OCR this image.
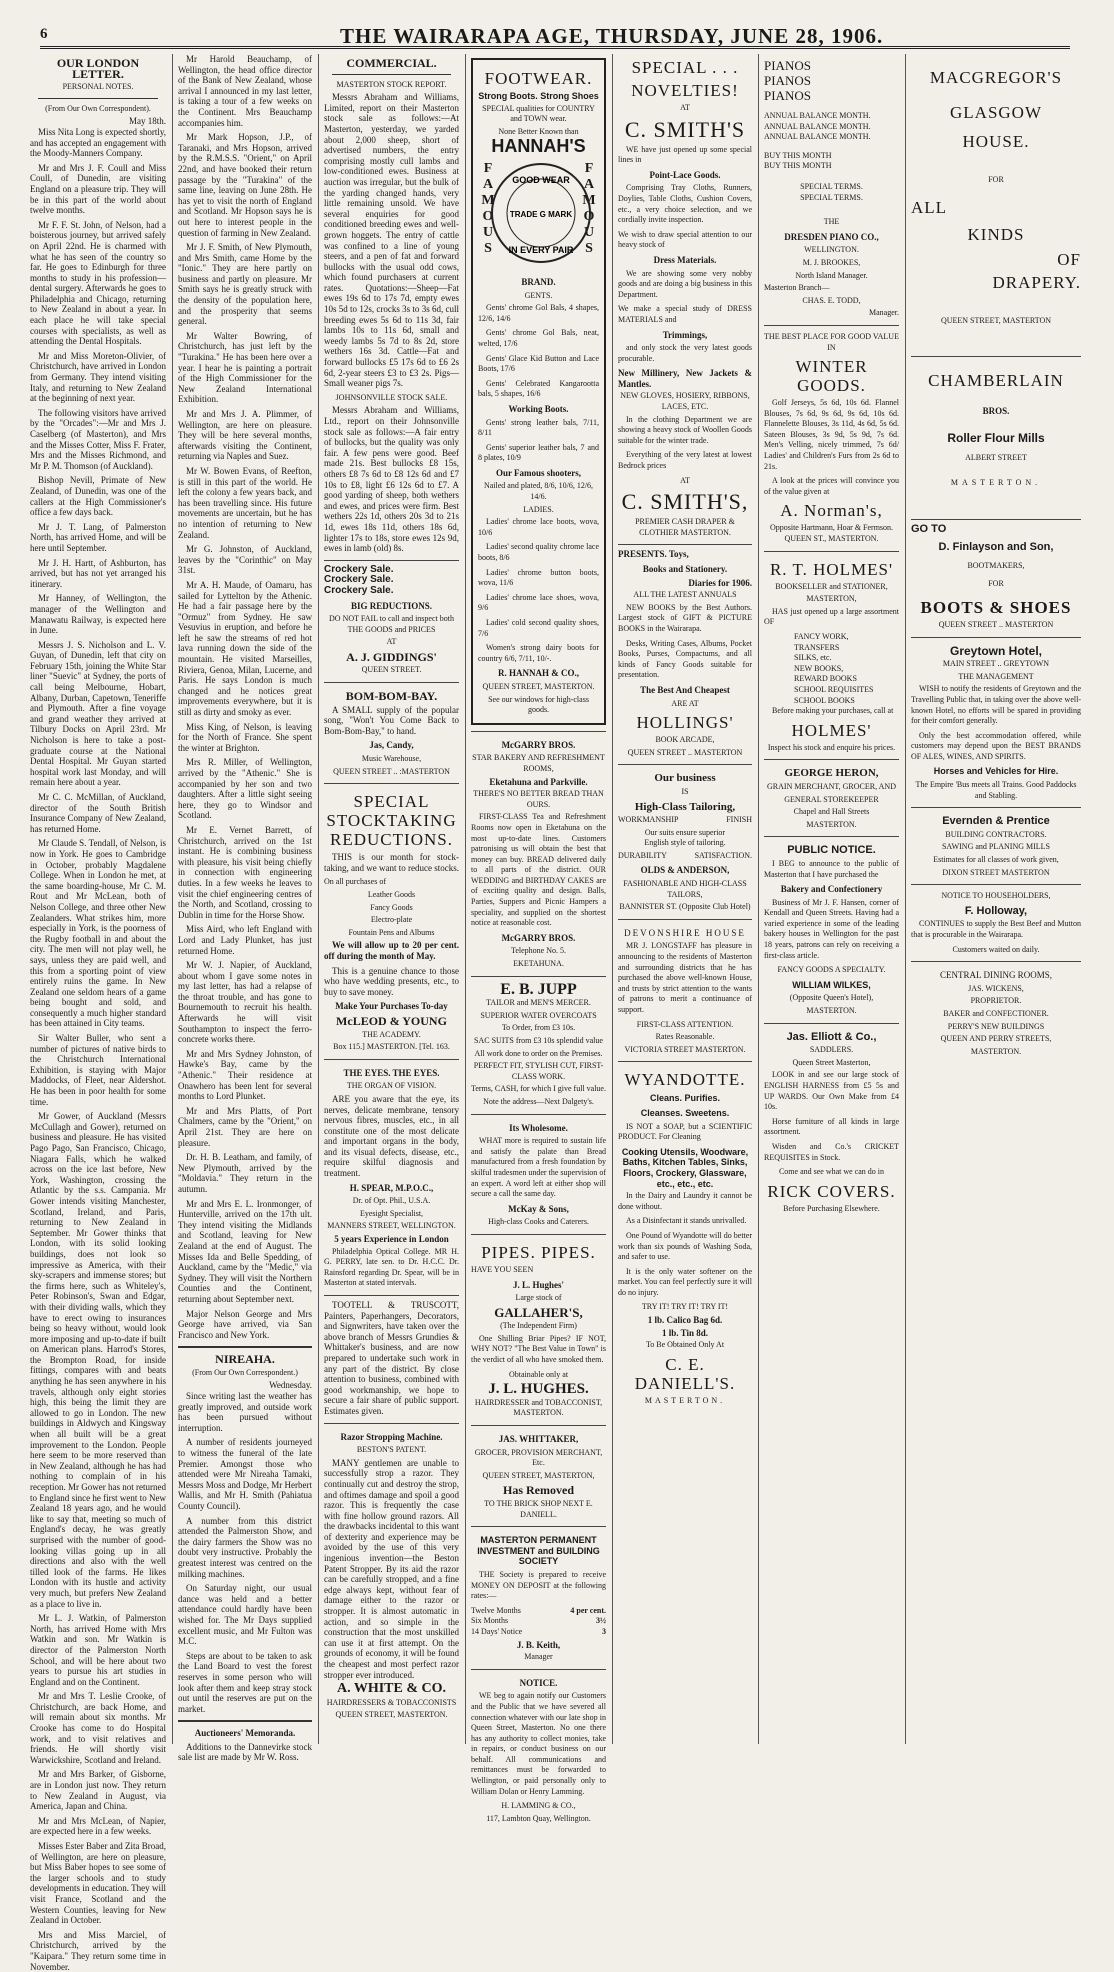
6	THE WAIRARAPA AGE, THURSDAY, JUNE 28, 1906.
OUR LONDON LETTER.
PERSONAL NOTES.
(From Our Own Correspondent).
May 18th.

Miss Nita Long is expected shortly, and has accepted an engagement with the Moody-Manners Company.

Mr and Mrs J. F. Coull and Miss Coull, of Dunedin, are visiting England on a pleasure trip. They will be in this part of the world about twelve months.

Mr F. F. St. John, of Nelson, had a boisterous journey, but arrived safely on April 22nd. He is charmed with what he has seen of the country so far. He goes to Edinburgh for three months to study in his profession—dental surgery. Afterwards he goes to Philadelphia and Chicago, returning to New Zealand in about a year. In each place he will take special courses with specialists, as well as attending the Dental Hospitals.

Mr and Miss Moreton-Olivier, of Christchurch, have arrived in London from Germany. They intend visiting Italy, and returning to New Zealand at the beginning of next year.

The following visitors have arrived by the "Orcades":—Mr and Mrs J. Caselberg (of Masterton), and Mrs and the Misses Cotter, Miss F. Frater, Mrs and the Misses Richmond, and Mr P. M. Thomson (of Auckland).

Bishop Nevill, Primate of New Zealand, of Dunedin, was one of the callers at the High Commissioner's office a few days back.

Mr J. T. Lang, of Palmerston North, has arrived Home, and will be here until September.

Mr J. H. Hartt, of Ashburton, has arrived, but has not yet arranged his itinerary.

Mr Hanney, of Wellington, the manager of the Wellington and Manawatu Railway, is expected here in June.

Messrs J. S. Nicholson and L. V. Guyan, of Dunedin, left that city on February 15th, joining the White Star liner "Suevic" at Sydney, the ports of call being Melbourne, Hobart, Albany, Durban, Capetown, Teneriffe and Plymouth. After a fine voyage and grand weather they arrived at Tilbury Docks on April 23rd. Mr Nicholson is here to take a post-graduate course at the National Dental Hospital. Mr Guyan started hospital work last Monday, and will remain here about a year.

Mr C. C. McMillan, of Auckland, director of the South British Insurance Company of New Zealand, has returned Home.

Mr Claude S. Tendall, of Nelson, is now in York. He goes to Cambridge in October, probably Magdalene College. When in London he met, at the same boarding-house, Mr C. M. Rout and Mr McLean, both of Nelson College, and three other New Zealanders. What strikes him, more especially in York, is the poorness of the Rugby football in and about the city. The men will not play well, he says, unless they are paid well, and this from a sporting point of view entirely ruins the game. In New Zealand one seldom hears of a game being bought and sold, and consequently a much higher standard has been attained in City teams.

Sir Walter Buller, who sent a number of pictures of native birds to the Christchurch International Exhibition, is staying with Major Maddocks, of Fleet, near Aldershot. He has been in poor health for some time.

Mr Gower, of Auckland (Messrs McCullagh and Gower), returned on business and pleasure. He has visited Pago Pago, San Francisco, Chicago, Niagara Falls, which he walked across on the ice last before, New York, Washington, crossing the Atlantic by the s.s. Campania. Mr Gower intends visiting Manchester, Scotland, Ireland, and Paris, returning to New Zealand in September. Mr Gower thinks that London, with its solid looking buildings, does not look so impressive as America, with their sky-scrapers and immense stores; but the firms here, such as Whiteley's, Peter Robinson's, Swan and Edgar, with their dividing walls, which they have to erect owing to insurances being so heavy without, would look more imposing and up-to-date if built on American plans. Harrod's Stores, the Brompton Road, for inside fittings, compares with and beats anything he has seen anywhere in his travels, although only eight stories high, this being the limit they are allowed to go in London. The new buildings in Aldwych and Kingsway when all built will be a great improvement to the London. People here seem to be more reserved than in New Zealand, although he has had nothing to complain of in his reception. Mr Gower has not returned to England since he first went to New Zealand 18 years ago, and he would like to say that, meeting so much of England's decay, he was greatly surprised with the number of good-looking villas going up in all directions and also with the well tilled look of the farms. He likes London with its hustle and activity very much, but prefers New Zealand as a place to live in.

Mr L. J. Watkin, of Palmerston North, has arrived Home with Mrs Watkin and son. Mr Watkin is director of the Palmerston North School, and will be here about two years to pursue his art studies in England and on the Continent.

Mr and Mrs T. Leslie Crooke, of Christchurch, are back Home, and will remain about six months. Mr Crooke has come to do Hospital work, and to visit relatives and friends. He will shortly visit Warwickshire, Scotland and Ireland.

Mr and Mrs Barker, of Gisborne, are in London just now. They return to New Zealand in August, via America, Japan and China.

Mr and Mrs McLean, of Napier, are expected here in a few weeks.

Misses Ester Baber and Zita Broad, of Wellington, are here on pleasure, but Miss Baber hopes to see some of the larger schools and to study developments in education. They will visit France, Scotland and the Western Counties, leaving for New Zealand in October.

Mrs and Miss Marciel, of Christchurch, arrived by the "Kaipara." They return some time in November.

Mr Harold Beauchamp, of Wellington, the head office director of the Bank of New Zealand, whose arrival I announced in my last letter, is taking a tour of a few weeks on the Continent. Mrs Beauchamp accompanies him.

Mr Mark Hopson, J.P., of Taranaki, and Mrs Hopson, arrived by the R.M.S.S. "Orient," on April 22nd, and have booked their return passage by the "Turakina" of the same line, leaving on June 28th. He has yet to visit the north of England and Scotland. Mr Hopson says he is out here to interest people in the question of farming in New Zealand.

Mr J. F. Smith, of New Plymouth, and Mrs Smith, came Home by the "Ionic." They are here partly on business and partly on pleasure. Mr Smith says he is greatly struck with the density of the population here, and the prosperity that seems general.

Mr Walter Bowring, of Christchurch, has just left by the "Turakina." He has been here over a year. I hear he is painting a portrait of the High Commissioner for the New Zealand International Exhibition.

Mr and Mrs J. A. Plimmer, of Wellington, are here on pleasure. They will be here several months, afterwards visiting the Continent, returning via Naples and Suez.

Mr W. Bowen Evans, of Reefton, is still in this part of the world. He left the colony a few years back, and has been travelling since. His future movements are uncertain, but he has no intention of returning to New Zealand.

Mr G. Johnston, of Auckland, leaves by the "Corinthic" on May 31st.

Mr A. H. Maude, of Oamaru, has sailed for Lyttelton by the Athenic. He had a fair passage here by the "Ormuz" from Sydney. He saw Vesuvius in eruption, and before he left he saw the streams of red hot lava running down the side of the mountain. He visited Marseilles, Riviera, Genoa, Milan, Lucerne, and Paris. He says London is much changed and he notices great improvements everywhere, but it is still as dirty and smoky as ever.

Miss King, of Nelson, is leaving for the North of France. She spent the winter at Brighton.

Mrs R. Miller, of Wellington, arrived by the "Athenic." She is accompanied by her son and two daughters. After a little sight seeing here, they go to Windsor and Scotland.

Mr E. Vernet Barrett, of Christchurch, arrived on the 1st instant. He is combining business with pleasure, his visit being chiefly in connection with engineering duties. In a few weeks he leaves to visit the chief engineering centres of the North, and Scotland, crossing to Dublin in time for the Horse Show.

Miss Aird, who left England with Lord and Lady Plunket, has just returned Home.

Mr W. J. Napier, of Auckland, about whom I gave some notes in my last letter, has had a relapse of the throat trouble, and has gone to Bournemouth to recruit his health. Afterwards he will visit Southampton to inspect the ferro-concrete works there.

Mr and Mrs Sydney Johnston, of Hawke's Bay, came by the "Athenic." Their residence at Onawhero has been lent for several months to Lord Plunket.

Mr and Mrs Platts, of Port Chalmers, came by the "Orient," on April 21st. They are here on pleasure.

Dr. H. B. Leatham, and family, of New Plymouth, arrived by the "Moldavia." They return in the autumn.

Mr and Mrs E. L. Ironmonger, of Hunterville, arrived on the 17th ult. They intend visiting the Midlands and Scotland, leaving for New Zealand at the end of August. The Misses Ida and Belle Spedding, of Auckland, came by the "Medic," via Sydney. They will visit the Northern Counties and the Continent, returning about September next.

Major Nelson George and Mrs George have arrived, via San Francisco and New York.

NIREAHA.
(From Our Own Correspondent.)
Wednesday.

Since writing last the weather has greatly improved, and outside work has been pursued without interruption.

A number of residents journeyed to witness the funeral of the late Premier. Amongst those who attended were Mr Nireaha Tamaki, Messrs Moss and Dodge, Mr Herbert Wallis, and Mr H. Smith (Pahiatua County Council).

A number from this district attended the Palmerston Show, and the dairy farmers the Show was no doubt very instructive. Probably the greatest interest was centred on the milking machines.

On Saturday night, our usual dance was held and a better attendance could hardly have been wished for. The Mr Days supplied excellent music, and Mr Fulton was M.C.

Steps are about to be taken to ask the Land Board to vest the forest reserves in some person who will look after them and keep stray stock out until the reserves are put on the market.

Auctioneers' Memoranda.

Additions to the Dannevirke stock sale list are made by Mr W. Ross.

COMMERCIAL.
MASTERTON STOCK REPORT.

Messrs Abraham and Williams, Limited, report on their Masterton stock sale as follows:—At Masterton, yesterday, we yarded about 2,000 sheep, short of advertised numbers, the entry comprising mostly cull lambs and low-conditioned ewes. Business at auction was irregular, but the bulk of the yarding changed hands, very little remaining unsold. We have several enquiries for good conditioned breeding ewes and well-grown hoggets. The entry of cattle was confined to a line of young steers, and a pen of fat and forward bullocks with the usual odd cows, which found purchasers at current rates. Quotations:—Sheep—Fat ewes 19s 6d to 17s 7d, empty ewes 10s 5d to 12s, crocks 3s to 3s 6d, cull breeding ewes 5s 6d to 11s 3d, fair lambs 10s to 11s 6d, small and weedy lambs 5s 7d to 8s 2d, store wethers 16s 3d. Cattle—Fat and forward bullocks £5 17s 6d to £6 2s 6d, 2-year steers £3 to £3 2s. Pigs—Small weaner pigs 7s.

JOHNSONVILLE STOCK SALE.

Messrs Abraham and Williams, Ltd., report on their Johnsonville stock sale as follows:—A fair entry of bullocks, but the quality was only fair. A few pens were good. Beef made 21s. Best bullocks £8 15s, others £8 7s 6d to £8 12s 6d and £7 10s to £8, light £6 12s 6d to £7. A good yarding of sheep, both wethers and ewes, and prices were firm. Best wethers 22s 1d, others 20s 3d to 21s 1d, ewes 18s 11d, others 18s 6d, lighter 17s to 18s, store ewes 12s 9d, ewes in lamb (old) 8s.

Crockery Sale.
Crockery Sale.
Crockery Sale.
BIG REDUCTIONS.
DO NOT FAIL to call and inspect both THE GOODS and PRICES
AT
A. J. GIDDINGS'
QUEEN STREET.
BOM-BOM-BAY.

A SMALL supply of the popular song, "Won't You Come Back to Bom-Bom-Bay," to hand.

Jas, Candy,
Music Warehouse,
QUEEN STREET .. :MASTERTON
SPECIAL STOCKTAKING REDUCTIONS.

THIS is our month for stock-taking, and we want to reduce stocks.

On all purchases of
Leather Goods
Fancy Goods
Electro-plate
Fountain Pens and Albums

We will allow up to 20 per cent. off during the month of May.

This is a genuine chance to those who have wedding presents, etc., to buy to save money.

Make Your Purchases To-day
McLEOD & YOUNG
THE ACADEMY.
Box 115.] MASTERTON. [Tel. 163.
THE EYES. THE EYES.
THE ORGAN OF VISION.

ARE you aware that the eye, its nerves, delicate membrane, tensory nervous fibres, muscles, etc., in all constitute one of the most delicate and important organs in the body, and its visual defects, disease, etc., require skilful diagnosis and treatment.

H. SPEAR, M.P.O.C.,
Dr. of Opt. Phil., U.S.A.
Eyesight Specialist,
MANNERS STREET, WELLINGTON.
5 years Experience in London

Philadelphia Optical College. MR H. G. PERRY, late sen. to Dr. H.C.C. Dr. Rainsford regarding Dr. Spear, will be in Masterton at stated intervals.

TOOTELL & TRUSCOTT, Painters, Paperhangers, Decorators, and Signwriters, have taken over the above branch of Messrs Grundies & Whittaker's business, and are now prepared to undertake such work in any part of the district. By close attention to business, combined with good workmanship, we hope to secure a fair share of public support. Estimates given.

Razor Stropping Machine.
BESTON'S PATENT.

MANY gentlemen are unable to successfully strop a razor. They continually cut and destroy the strop, and oftimes damage and spoil a good razor. This is frequently the case with fine hollow ground razors. All the drawbacks incidental to this want of dexterity and experience may be avoided by the use of this very ingenious invention—the Beston Patent Stropper. By its aid the razor can be carefully stropped, and a fine edge always kept, without fear of damage either to the razor or stropper. It is almost automatic in action, and so simple in the construction that the most unskilled can use it at first attempt. On the grounds of economy, it will be found the cheapest and most perfect razor stropper ever introduced.

A. WHITE & CO.
HAIRDRESSERS & TOBACCONISTS
QUEEN STREET, MASTERTON.
FOOTWEAR.
Strong Boots. Strong Shoes
SPECIAL qualities for COUNTRY and TOWN wear.
None Better Known than
HANNAH'S
FAMOUS
FAMOUS
GOOD WEAR
TRADE G MARK
IN EVERY PAIR
BRAND.
GENTS.

Gents' chrome Gol Bals, 4 shapes, 12/6, 14/6

Gents' chrome Gol Bals, neat, welted, 17/6

Gents' Glace Kid Button and Lace Boots, 17/6

Gents' Celebrated Kangarootta bals, 5 shapes, 16/6

Working Boots.

Gents' strong leather bals, 7/11, 8/11

Gents' superior leather bals, 7 and 8 plates, 10/9

Our Famous shooters,
Nailed and plated, 8/6, 10/6, 12/6, 14/6.
LADIES.

Ladies' chrome lace boots, wova, 10/6

Ladies' second quality chrome lace boots, 8/6

Ladies' chrome button boots, wova, 11/6

Ladies' chrome lace shoes, wova, 9/6

Ladies' cold second quality shoes, 7/6

Women's strong dairy boots for country 6/6, 7/11, 10/-.

R. HANNAH & CO.,
QUEEN STREET, MASTERTON.
See our windows for high-class goods.
McGARRY BROS.
STAR BAKERY AND REFRESHMENT ROOMS,
Eketahuna and Parkville.
THERE'S NO BETTER BREAD THAN OURS.

FIRST-CLASS Tea and Refreshment Rooms now open in Eketahuna on the most up-to-date lines. Customers patronising us will obtain the best that money can buy. BREAD delivered daily to all parts of the district. OUR WEDDING and BIRTHDAY CAKES are of exciting quality and design. Balls, Parties, Suppers and Picnic Hampers a speciality, and supplied on the shortest notice at reasonable cost.

McGARRY BROS.
Telephone No. 5.
EKETAHUNA.
E. B. JUPP
TAILOR and MEN'S MERCER.
SUPERIOR WATER OVERCOATS
To Order, from £3 10s.
SAC SUITS from £3 10s splendid value
All work done to order on the Premises.
PERFECT FIT, STYLISH CUT, FIRST-CLASS WORK.
Terms, CASH, for which I give full value.
Note the address—Next Dalgety's.
Its Wholesome.

WHAT more is required to sustain life and satisfy the palate than Bread manufactured from a fresh foundation by skilful tradesmen under the supervision of an expert. A word left at either shop will secure a call the same day.

McKay & Sons,
High-class Cooks and Caterers.
PIPES. PIPES.
HAVE YOU SEEN
J. L. Hughes'
Large stock of
GALLAHER'S,
(The Independent Firm)

One Shilling Briar Pipes? IF NOT, WHY NOT? "The Best Value in Town" is the verdict of all who have smoked them.

Obtainable only at
J. L. HUGHES.
HAIRDRESSER and TOBACCONIST, MASTERTON.
JAS. WHITTAKER,
GROCER, PROVISION MERCHANT, Etc.
QUEEN STREET, MASTERTON,
Has Removed
TO THE BRICK SHOP NEXT E. DANIELL.
MASTERTON PERMANENT INVESTMENT and BUILDING SOCIETY

THE Society is prepared to receive MONEY ON DEPOSIT at the following rates:—

Twelve Months	4 per cent.
Six Months	3½
14 Days' Notice	3
J. B. Keith,
Manager
NOTICE.

WE beg to again notify our Customers and the Public that we have severed all connection whatever with our late shop in Queen Street, Masterton. No one there has any authority to collect monies, take in repairs, or conduct business on our behalf. All communications and remittances must be forwarded to Wellington, or paid personally only to William Dolan or Henry Lamming.

H. LAMMING & CO.,
117, Lambton Quay, Wellington.
SPECIAL . . .
NOVELTIES!
AT
C. SMITH'S

WE have just opened up some special lines in

Point-Lace Goods.

Comprising Tray Cloths, Runners, Doylies, Table Cloths, Cushion Covers, etc., a very choice selection, and we cordially invite inspection.

We wish to draw special attention to our heavy stock of
Dress Materials.

We are showing some very nobby goods and are doing a big business in this Department.

We make a special study of DRESS MATERIALS and
Trimmings,

and only stock the very latest goods procurable.

New Millinery, New Jackets & Mantles.
NEW GLOVES, HOSIERY, RIBBONS, LACES, ETC.

In the clothing Department we are showing a heavy stock of Woollen Goods suitable for the winter trade.

Everything of the very latest at lowest Bedrock prices

AT
C. SMITH'S,
PREMIER CASH DRAPER & CLOTHIER MASTERTON.
PRESENTS. Toys,
Books and Stationery.
Diaries for 1906.
ALL THE LATEST ANNUALS

NEW BOOKS by the Best Authors. Largest stock of GIFT & PICTURE BOOKS in the Wairarapa.

Desks, Writing Cases, Albums, Pocket Books, Purses, Compactums, and all kinds of Fancy Goods suitable for presentation.

The Best And Cheapest
ARE AT
HOLLINGS'
BOOK ARCADE,
QUEEN STREET .. MASTERTON
Our business
IS
High-Class Tailoring,
WORKMANSHIP	FINISH
Our suits ensure superior English style of tailoring.
DURABILITY	SATISFACTION.
OLDS & ANDERSON,
FASHIONABLE AND HIGH-CLASS TAILORS,
BANNISTER ST. (Opposite Club Hotel)
DEVONSHIRE HOUSE

MR J. LONGSTAFF has pleasure in announcing to the residents of Masterton and surrounding districts that he has purchased the above well-known House, and trusts by strict attention to the wants of patrons to merit a continuance of support.

FIRST-CLASS ATTENTION.
Rates Reasonable.
VICTORIA STREET MASTERTON.
WYANDOTTE.
Cleans. Purifies.
Cleanses. Sweetens.

IS NOT a SOAP, but a SCIENTIFIC PRODUCT. For Cleaning

Cooking Utensils, Woodware, Baths, Kitchen Tables, Sinks, Floors, Crockery, Glassware, etc., etc., etc.

In the Dairy and Laundry it cannot be done without.

As a Disinfectant it stands unrivalled.

One Pound of Wyandotte will do better work than six pounds of Washing Soda, and safer to use.

It is the only water softener on the market. You can feel perfectly sure it will do no injury.

TRY IT! TRY IT! TRY IT!
1 lb. Calico Bag 6d.
1 lb. Tin 8d.
To Be Obtained Only At
C. E. DANIELL'S.
MASTERTON.
PIANOS
PIANOS
PIANOS
ANNUAL BALANCE MONTH.
ANNUAL BALANCE MONTH.
ANNUAL BALANCE MONTH.
BUY THIS MONTH
BUY THIS MONTH
SPECIAL TERMS.
SPECIAL TERMS.
THE
DRESDEN PIANO CO.,
WELLINGTON.
M. J. BROOKES,
North Island Manager.
Masterton Branch—
CHAS. E. TODD,
Manager.
THE BEST PLACE FOR GOOD VALUE IN
WINTER GOODS.

Golf Jerseys, 5s 6d, 10s 6d. Flannel Blouses, 7s 6d, 9s 6d, 9s 6d, 10s 6d. Flannelette Blouses, 3s 11d, 4s 6d, 5s 6d. Sateen Blouses, 3s 9d, 5s 9d, 7s 6d. Men's Velling, nicely trimmed, 7s 6d/ Ladies' and Children's Furs from 2s 6d to 21s.

A look at the prices will convince you of the value given at

A. Norman's,
Opposite Hartmann, Hoar & Fermson. QUEEN ST., MASTERTON.
R. T. HOLMES'
BOOKSELLER and STATIONER,
MASTERTON,

HAS just opened up a large assortment OF

FANCY WORK,
TRANSFERS
SILKS, etc.
NEW BOOKS,
REWARD BOOKS
SCHOOL REQUISITES
SCHOOL BOOKS

Before making your purchases, call at

HOLMES'
Inspect his stock and enquire his prices.
GEORGE HERON,
GRAIN MERCHANT, GROCER, AND
GENERAL STOREKEEPER
Chapel and Hall Streets
MASTERTON.
PUBLIC NOTICE.

I BEG to announce to the public of Masterton that I have purchased the

Bakery and Confectionery

Business of Mr J. F. Hansen, corner of Kendall and Queen Streets. Having had a varied experience in some of the leading bakery houses in Wellington for the past 18 years, patrons can rely on receiving a first-class article.

FANCY GOODS A SPECIALTY.
WILLIAM WILKES,
(Opposite Queen's Hotel),
MASTERTON.
Jas. Elliott & Co.,
SADDLERS.
Queen Street Masterton,

LOOK in and see our large stock of ENGLISH HARNESS from £5 5s and UP WARDS. Our Own Make from £4 10s.

Horse furniture of all kinds in large assortment.

Wisden and Co.'s CRICKET REQUISITES in Stock.

Come and see what we can do in
RICK COVERS.
Before Purchasing Elsewhere.
MACGREGOR'S
GLASGOW
HOUSE.
FOR
ALL
KINDS
OF
DRAPERY.
QUEEN STREET, MASTERTON
CHAMBERLAIN
BROS.
Roller Flour Mills
ALBERT STREET
MASTERTON.
GO TO
D. Finlayson and Son,
BOOTMAKERS,
FOR
BOOTS & SHOES
QUEEN STREET .. MASTERTON
Greytown Hotel,
MAIN STREET .. GREYTOWN
THE MANAGEMENT

WISH to notify the residents of Greytown and the Travelling Public that, in taking over the above well-known Hotel, no efforts will be spared in providing for their comfort generally.

Only the best accommodation offered, while customers may depend upon the BEST BRANDS OF ALES, WINES, AND SPIRITS.

Horses and Vehicles for Hire.
The Empire 'Bus meets all Trains. Good Paddocks and Stabling.
Evernden & Prentice
BUILDING CONTRACTORS.
SAWING and PLANING MILLS
Estimates for all classes of work given,
DIXON STREET MASTERTON
NOTICE TO HOUSEHOLDERS,
F. Holloway,

CONTINUES to supply the Best Beef and Mutton that is procurable in the Wairarapa.

Customers waited on daily.
CENTRAL DINING ROOMS,
JAS. WICKENS,
PROPRIETOR.
BAKER and CONFECTIONER.
PERRY'S NEW BUILDINGS
QUEEN AND PERRY STREETS,
MASTERTON.
